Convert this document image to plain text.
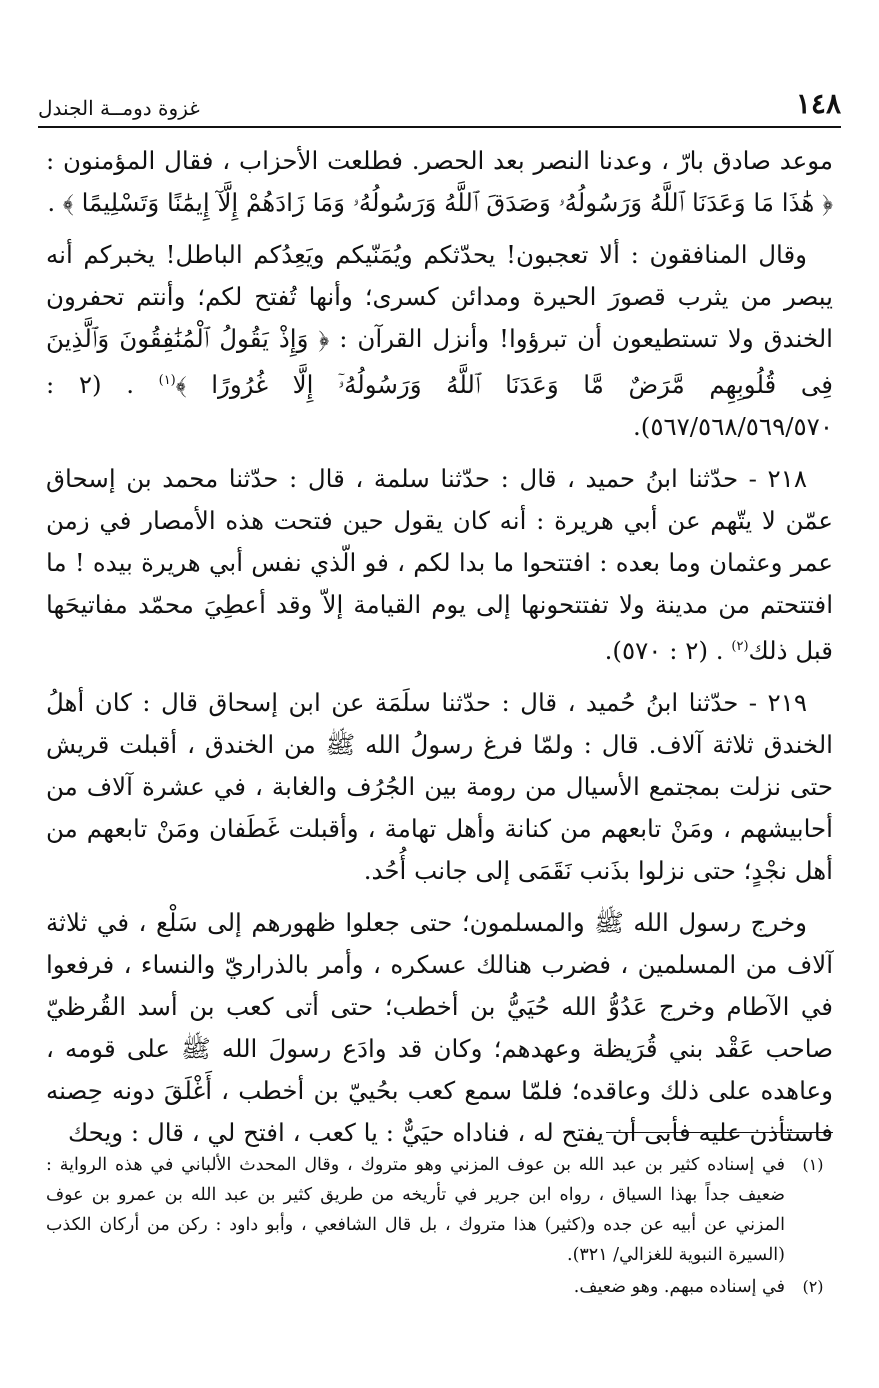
١٤٨
غزوة دومــة الجندل

موعد صادق بارّ ، وعدنا النصر بعد الحصر. فطلعت الأحزاب ، فقال المؤمنون : ﴿ هَٰذَا مَا وَعَدَنَا ٱللَّهُ وَرَسُولُهُۥ وَصَدَقَ ٱللَّهُ وَرَسُولُهُۥ وَمَا زَادَهُمْ إِلَّآ إِيمَٰنًا وَتَسْلِيمًا ﴾ .

وقال المنافقون : ألا تعجبون! يحدّثكم ويُمَنّيكم ويَعِدُكم الباطل! يخبركم أنه يبصر من يثرب قصورَ الحيرة ومدائن كسرى؛ وأنها تُفتح لكم؛ وأنتم تحفرون الخندق ولا تستطيعون أن تبرؤوا! وأنزل القرآن : ﴿ وَإِذْ يَقُولُ ٱلْمُنَٰفِقُونَ وَٱلَّذِينَ فِى قُلُوبِهِم مَّرَضٌ مَّا وَعَدَنَا ٱللَّهُ وَرَسُولُهُۥٓ إِلَّا غُرُورًا ﴾$^{(١)}$ . (٢ : ٥٦٧/٥٦٨/٥٦٩/٥٧٠).

٢١٨ - حدّثنا ابنُ حميد ، قال : حدّثنا سلمة ، قال : حدّثنا محمد بن إسحاق عمّن لا يتّهم عن أبي هريرة : أنه كان يقول حين فتحت هذه الأمصار في زمن عمر وعثمان وما بعده : افتتحوا ما بدا لكم ، فو الّذي نفس أبي هريرة بيده ! ما افتتحتم من مدينة ولا تفتتحونها إلى يوم القيامة إلاّ وقد أعطِيَ محمّد مفاتيحَها قبل ذلك$^{(٢)}$ . (٢ : ٥٧٠).

٢١٩ - حدّثنا ابنُ حُميد ، قال : حدّثنا سلَمَة عن ابن إسحاق قال : كان أهلُ الخندق ثلاثة آلاف. قال : ولمّا فرغ رسولُ الله ﷺ من الخندق ، أقبلت قريش حتى نزلت بمجتمع الأسيال من رومة بين الجُرُف والغابة ، في عشرة آلاف من أحابيشهم ، ومَنْ تابعهم من كنانة وأهل تهامة ، وأقبلت غَطَفان ومَنْ تابعهم من أهل نجْدٍ؛ حتى نزلوا بذَنب نَقَمَى إلى جانب أُحُد.

وخرج رسول الله ﷺ والمسلمون؛ حتى جعلوا ظهورهم إلى سَلْع ، في ثلاثة آلاف من المسلمين ، فضرب هنالك عسكره ، وأمر بالذراريّ والنساء ، فرفعوا في الآطام وخرج عَدُوُّ الله حُيَيُّ بن أخطب؛ حتى أتى كعب بن أسد القُرظيّ صاحب عَقْد بني قُرَيظة وعهدهم؛ وكان قد وادَع رسولَ الله ﷺ على قومه ، وعاهده على ذلك وعاقده؛ فلمّا سمع كعب بحُييّ بن أخطب ، أَغْلَقَ دونه حِصنه فاستأذن عليه فأبى أن يفتح له ، فناداه حيَيٌّ : يا كعب ، افتح لي ، قال : ويحك

(١)
في إسناده كثير بن عبد الله بن عوف المزني وهو متروك ، وقال المحدث الألباني في هذه الرواية : ضعيف جداً بهذا السياق ، رواه ابن جرير في تأريخه من طريق كثير بن عبد الله بن عمرو بن عوف المزني عن أبيه عن جده و(كثير) هذا متروك ، بل قال الشافعي ، وأبو داود : ركن من أركان الكذب (السيرة النبوية للغزالي/ ٣٢١).
(٢)
في إسناده مبهم. وهو ضعيف.
